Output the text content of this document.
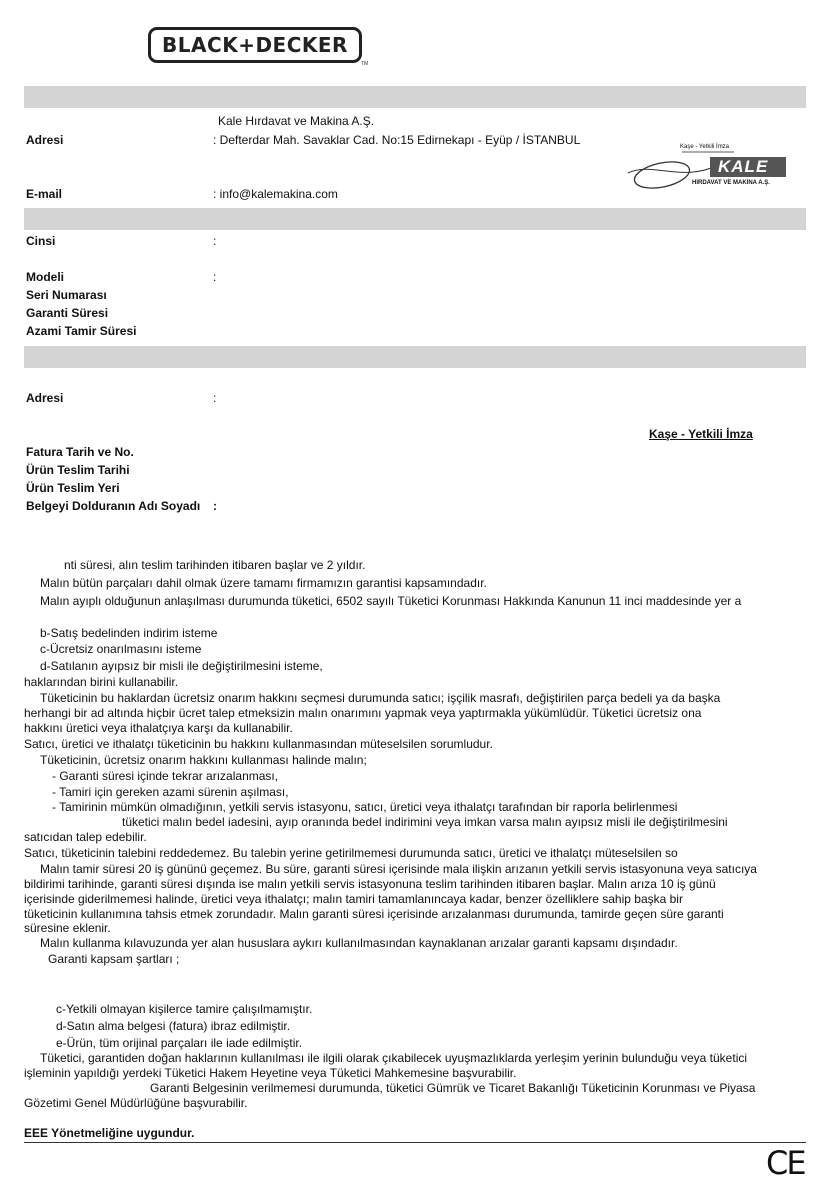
BLACK+DECKER
TM
Kale Hırdavat ve Makina A.Ş.
Adresi	: Defterdar Mah. Savaklar Cad. No:15 Edirnekapı - Eyüp / İSTANBUL
E-mail	: info@kalemakina.com
Kaşe - Yetkili İmza
KALE
HIRDAVAT VE MAKINA A.Ş.
Cinsi	:
Modeli	:
Seri Numarası
Garanti Süresi
Azami Tamir Süresi
Adresi	:
Kaşe - Yetkili İmza
Fatura Tarih ve No.
Ürün Teslim Tarihi
Ürün Teslim Yeri
Belgeyi Dolduranın Adı Soyadı :
nti süresi, alın teslim tarihinden itibaren başlar ve 2 yıldır.
Malın bütün parçaları dahil olmak üzere tamamı firmamızın garantisi kapsamındadır.
Malın ayıplı olduğunun anlaşılması durumunda tüketici, 6502 sayılı Tüketici Korunması Hakkında Kanunun 11 inci maddesinde yer a
b-Satış bedelinden indirim isteme
c-Ücretsiz onarılmasını isteme
d-Satılanın ayıpsız bir misli ile değiştirilmesini isteme,
haklarından birini kullanabilir.
Tüketicinin bu haklardan ücretsiz onarım hakkını seçmesi durumunda satıcı; işçilik masrafı, değiştirilen parça bedeli ya da başka
herhangi bir ad altında hiçbir ücret talep etmeksizin malın onarımını yapmak veya yaptırmakla yükümlüdür. Tüketici ücretsiz ona
hakkını üretici veya ithalatçıya karşı da kullanabilir.
Satıcı, üretici ve ithalatçı tüketicinin bu hakkını kullanmasından müteselsilen sorumludur.
Tüketicinin, ücretsiz onarım hakkını kullanması halinde malın;
- Garanti süresi içinde tekrar arızalanması,
- Tamiri için gereken azami sürenin aşılması,
- Tamirinin mümkün olmadığının, yetkili servis istasyonu, satıcı, üretici veya ithalatçı tarafından bir raporla belirlenmesi
tüketici malın bedel iadesini, ayıp oranında bedel indirimini veya imkan varsa malın ayıpsız misli ile değiştirilmesini
satıcıdan talep edebilir.
Satıcı, tüketicinin talebini reddedemez. Bu talebin yerine getirilmemesi durumunda satıcı, üretici ve ithalatçı müteselsilen so
Malın tamir süresi 20 iş gününü geçemez. Bu süre, garanti süresi içerisinde mala ilişkin arızanın yetkili servis istasyonuna veya satıcıya
bildirimi tarihinde, garanti süresi dışında ise malın yetkili servis istasyonuna teslim tarihinden itibaren başlar. Malın arıza 10 iş günü
içerisinde giderilmemesi halinde, üretici veya ithalatçı; malın tamiri tamamlanıncaya kadar, benzer özelliklere sahip başka bir
tüketicinin kullanımına tahsis etmek zorundadır. Malın garanti süresi içerisinde arızalanması durumunda, tamirde geçen süre garanti
süresine eklenir.
Malın kullanma kılavuzunda yer alan hususlara aykırı kullanılmasından kaynaklanan arızalar garanti kapsamı dışındadır.
Garanti kapsam şartları ;
c-Yetkili olmayan kişilerce tamire çalışılmamıştır.
d-Satın alma belgesi (fatura) ibraz edilmiştir.
e-Ürün, tüm orijinal parçaları ile iade edilmiştir.
Tüketici, garantiden doğan haklarının kullanılması ile ilgili olarak çıkabilecek uyuşmazlıklarda yerleşim yerinin bulunduğu veya tüketici
işleminin yapıldığı yerdeki Tüketici Hakem Heyetine veya Tüketici Mahkemesine başvurabilir.
Garanti Belgesinin verilmemesi durumunda, tüketici Gümrük ve Ticaret Bakanlığı Tüketicinin Korunması ve Piyasa
Gözetimi Genel Müdürlüğüne başvurabilir.
EEE Yönetmeliğine uygundur.
CE
